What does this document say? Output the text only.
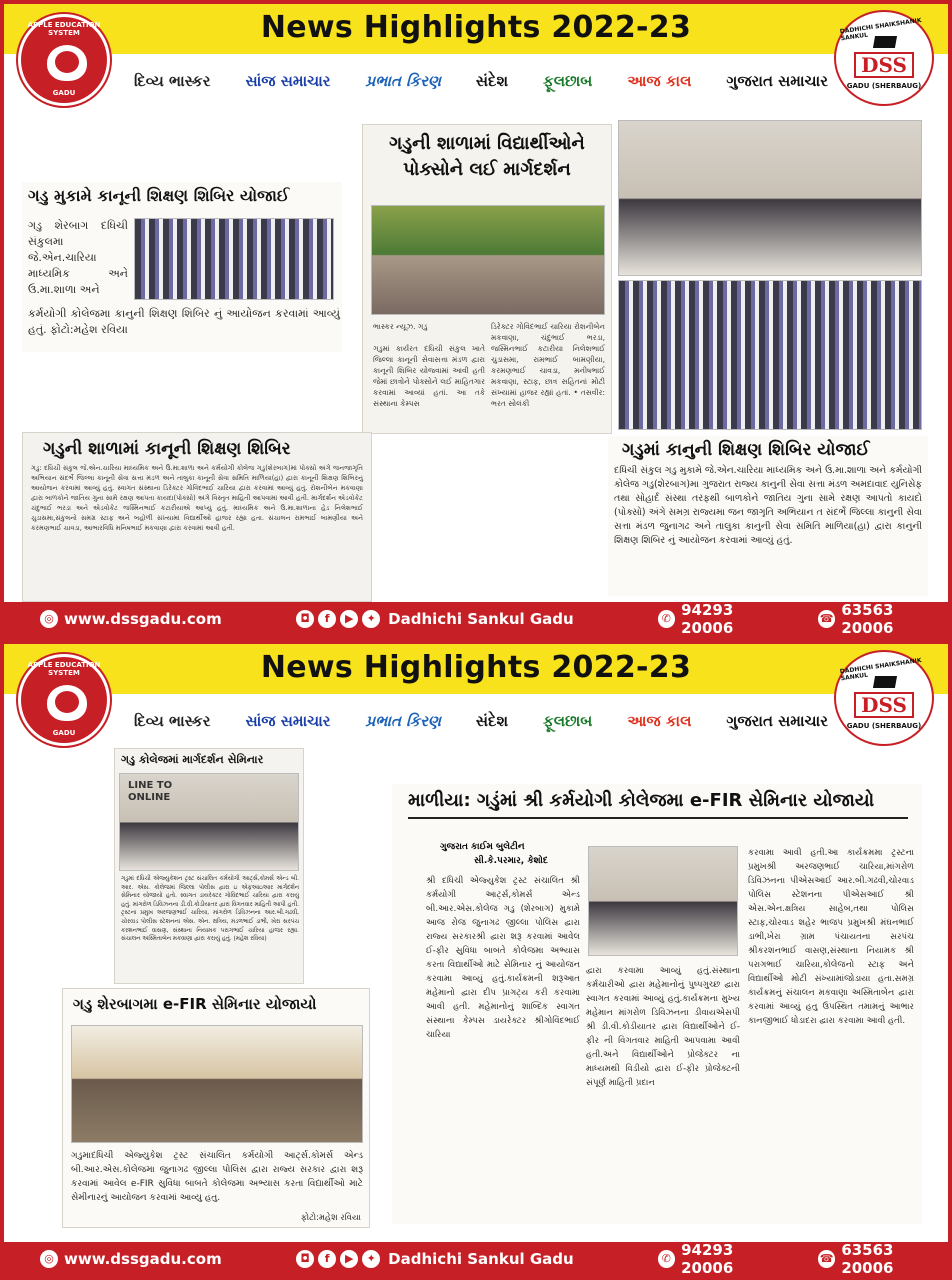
News Highlights 2022-23
APPLE EDUCATION SYSTEM
GADU
DADHICHI SHAIKSHANIK SANKUL
DSS
GADU (SHERBAUG)
દિવ્ય ભાસ્કર સાંજ સમાચાર પ્રભાત કિરણ સંદેશ ફૂલછાબ આજ કાલ ગુજરાત સમાચાર
ગડુ મુકામે કાનૂની શિક્ષણ શિબિર યોજાઈ
ગડુ શેરબાગ દધિચી સંકુલમા જે.એન.ચારિયા માધ્યમિક અને ઉ.મા.શાળા અને
કર્મયોગી કોલેજમા કાનુની શિક્ષણ શિબિર નું આયોજન કરવામાં આવ્યું હતું. ફોટો:મહેશ રવિયા
ગડુની શાળામાં વિદ્યાર્થીઓને પોક્સોને લઈ માર્ગદર્શન
ભાસ્કર ન્યૂઝ. ગડુ
ગડુમાં કાર્યરત દધિચી સંકુલ ખાતે જિલ્લા કાનૂની સેવાસત્તા મંડળ દ્વારા કાનૂની શિબિર યોજવામાં આવી હતી જેમાં છાત્રોને પોક્સોને લઈ માહિતગાર કરવામાં આવ્યાં હતાં. આ તકે સંસ્થાના કેમ્પસ
ડિરેક્ટર ગોવિંદભાઈ ચારિયા રોશનીબેન મકવાણા, ચંદુભાઈ ભરડા, જસ્મિનભાઈ કટારીયા નિલેશભાઈ ચુડાસમા, રામભાઈ બામણીયા, કરમણભાઈ ચાવડા, મનીષભાઈ મકવાણા, સ્ટાફ, છાત્ર સહિતનાં મોટી સંખ્યામાં હાજર રહ્યાં હતાં. • તસવીર: ભરત સોલંકી
ગડુની શાળામાં કાનૂની શિક્ષણ શિબિર
ગડુ: દધિચી સંકુલ જે.એન.ચારિયા માધ્યમિક અને ઉ.મા.શાળા અને કર્મયોગી કોલેજ ગડુ(શેરબાગ)માં પોક્સો અંગે જનજાગૃતિ અભિયાન સંદર્ભે જિલ્લા કાનૂની સેવા સત્તા મંડળ અને તાલુકા કાનૂની સેવા સમિતિ માળિયા(હા) દ્વારા કાનૂની શિક્ષણ શિબિરનું આયોજન કરવામાં આવ્યું હતું. સ્વાગત સંસ્થાના ડિરેક્ટર ગોવિંદભાઈ ચારિયા દ્વારા કરવામાં આવ્યું હતું. રોશનીબેન મકવાણા દ્વારા બાળકોને જાતિય ગુના સામે રક્ષણ આપતા કાયદા(પોક્સો) અંગે વિસ્તૃત માહિતી આપવામાં આવી હતી. માર્ગદર્શન એડવોકેટ ચંદુભાઈ ભરડા અને એડવોકેટ જસ્મિનભાઈ કટારીયાએ આપ્યું હતું. માધ્યમિક અને ઉ.મા.શાળાના હેડ નિલેશભાઈ ચુડાસમા,સંકુલનો સમગ્ર સ્ટાફ અને બહોળી સંખ્યામાં વિદ્યાર્થીઓ હાજર રહ્યા હતા. સંચાલન રામભાઈ બામણીયા અને કરમણભાઈ ચાવડા, આભારવિધિ મનિષભાઈ મકવાણા દ્વારા કરવામાં આવી હતી.
ગડુમાં કાનુની શિક્ષણ શિબિર યોજાઈ
દધિચી સંકુલ ગડુ મુકામે જે.એન.ચારિયા માધ્યમિક અને ઉ.મા.શાળા અને કર્મયોગી કોલેજ ગડુ(શેરબાગ)મા ગુજરાત રાજ્ય કાનુની સેવા સત્તા મંડળ અમદાવાદ યુનિસેફ તથા સોહાર્દ સંસ્થા તરફથી બાળકોને જાતિય ગુના સામે રક્ષણ આપતો કાયદો (પોક્સો) અંગે સમગ્ર રાજ્યમા જન જાગૃતિ અભિયાન ત સંદર્ભે જિલ્લા કાનુની સેવા સત્તા મંડળ જુનાગઢ અને તાલુકા કાનુની સેવા સમિતિ માળિયા(હા) દ્વારા કાનુની શિક્ષણ શિબિર નું આયોજન કરવામાં આવ્યું હતું.
◎ www.dssgadu.com	◘	f	▶	✦ Dadhichi Sankul Gadu	✆ 94293 20006
☎ 63563 20006
News Highlights 2022-23
APPLE EDUCATION SYSTEM
GADU
DADHICHI SHAIKSHANIK SANKUL
DSS
GADU (SHERBAUG)
દિવ્ય ભાસ્કર સાંજ સમાચાર પ્રભાત કિરણ સંદેશ ફૂલછાબ આજ કાલ ગુજરાત સમાચાર
ગડુ કોલેજમાં માર્ગદર્શન સેમિનાર
LINE TO ONLINE
ગડુમાં દધિચી એજ્યુકેશન ટ્રસ્ટ સંચાલિત કર્મયોગી આર્ટ્સ,કોમર્સ એન્ડ બી. આર. એસ. કોલેજમાં જિલ્લા પોલીસ દ્વારા ઇ એફઆઇઆર માર્ગદર્શન સેમિનાર યોજાયો હતો. સ્વાગત ડાયરેક્ટર ગોવિંદભાઈ ચારિયા દ્વારા કરાયું હતું. માંગરોળ ડિવિઝનના ડી.વી.કોડીયાતર દ્વારા વિગતવાર માહિતી આપી હતી. ટ્રસ્ટના પ્રમુખ અરજણભાઈ ચારિયા, માંગરોળ ડિવિઝનના આર.બી.ગઢવી, ચોરવાડ પોલીસ સ્ટેશનના એસ. એન. ક્ષત્રિય, મંડળભાઈ ડાભી, ખેરા સરપંચ કરશનભાઈ વાસણ, સંસ્થાના નિયામક પરાગભાઈ ચારિયા હાજર રહ્યા. સંચાલન અસ્મિતાબેન મકવાણા દ્વારા કરાયું હતું. (મહેશ રવિયા)
ગડુ શેરબાગમા e-FIR સેમિનાર યોજાયો
ગડુમાદધિચી એજ્યુકેશ ટ્રસ્ટ સંચાલિત કર્મયોગી આર્ટ્સ.કોમર્સ એન્ડ બી.આર.એસ.કોલેજમા જુનાગઢ જીલ્લા પોલિસ દ્વારા રાજ્ય સરકાર દ્વારા શરૂ કરવામાં આવેલ e-FIR સુવિધા બાબતે કોલેજમા અભ્યાસ કરતા વિદ્યાર્થીઓ માટે સેમીનારનું આયોજન કરવામાં આવ્યુ હતુ.
ફોટો:મહેશ રવિયા
માળીયા: ગડુંમાં શ્રી કર્મયોગી કોલેજમા e-FIR સેમિનાર યોજાયો
ગુજરાત કાઈમ બુલેટીન
સી.કે.પરમાર, કેશોદ
શ્રી દધિચી એજ્યુકેશ ટ્રસ્ટ સંચાલિત શ્રી કર્મયોગી આર્ટ્સ,કોમર્સ એન્ડ બી.આર.એસ.કોલેજ ગડુ (શેરબાગ) મુકામે આજ રોજ જુનાગઢ જીલ્લા પોલિસ દ્વારા રાજ્ય સરકારશ્રી દ્વારા શરૂ કરવામાં આવેલ ઈ-ફીર સુવિધા બાબતે કોલેજમા અભ્યાસ કરતા વિદ્યાર્થીઓ માટે સેમિનાર નું આયોજન કરવામા આવ્યું હતું.કાર્યક્રમની શરૂઆત મહેમાનો દ્વારા દીપ પ્રાગટ્ય કરી કરવામા આવી હતી. મહેમાનોનું શાબ્દિક સ્વાગત સંસ્થાના કેમ્પસ ડાયરેક્ટર શ્રીગોવિંદભાઈ ચારિયા
દ્વારા કરવામા આવ્યું હતું.સંસ્થાના કર્મચારીઓ દ્વારા મહેમાનોનું પુષ્પગુચ્છ દ્વારા સ્વાગત કરવામાં આવ્યું હતું.કાર્યક્રમના મુખ્ય મહેમાન માંગરોળ ડિવિઝનના ડીવાયએસપી શ્રી ડી.વી.કોડીયાતર દ્વારા વિદ્યાર્થીઓને ઈ-ફીર ની વિગતવાર માહિતી આપવામા આવી હતી.અને વિદ્યાર્થીઓને પ્રોજેક્ટર ના માધ્યમથી વિડીયો દ્વારા ઈ-ફીર પ્રોજેક્ટની સંપૂર્ણ માહિતી પ્રદાન
કરવામા આવી હતી.આ કાર્યક્રમમા ટ્રસ્ટના પ્રમુખશ્રી અરજણભાઈ ચારિયા,માંગરોળ ડિવિઝનના પીએસઆઈ આર.બી.ગઢવી,ચોરવાડ પોલિસ સ્ટેશનના પીએસઆઈ શ્રી એસ.એન.ક્ષત્રિય સાહેબ,તથા પોલિસ સ્ટાફ,ચોરવાડ શહેર ભાજપ પ્રમુખશ્રી મંઘનભાઈ ડાભી,ખેરા ગ્રામ પંચાયતના સરપંચ શ્રીકરશનભાઈ વાસણ,સંસ્થાના નિયામક શ્રી પરાગભાઈ ચારિયા,કોલેજનો સ્ટાફ અને વિદ્યાર્થીઓ મોટી સંખ્યામાંજોડાયા હતા.સમગ્ર કાર્યક્રમનું સંચાલન મકવાણા અસ્મિતાબેન દ્વારા કરવામાં આવ્યું હતુ ઉપસ્થિત તમામનું આભાર કાનજીભાઈ ધોડાદરા દ્વારા કરવામા આવી હતી.
◎ www.dssgadu.com	◘	f	▶	✦ Dadhichi Sankul Gadu	✆ 94293 20006
☎ 63563 20006
